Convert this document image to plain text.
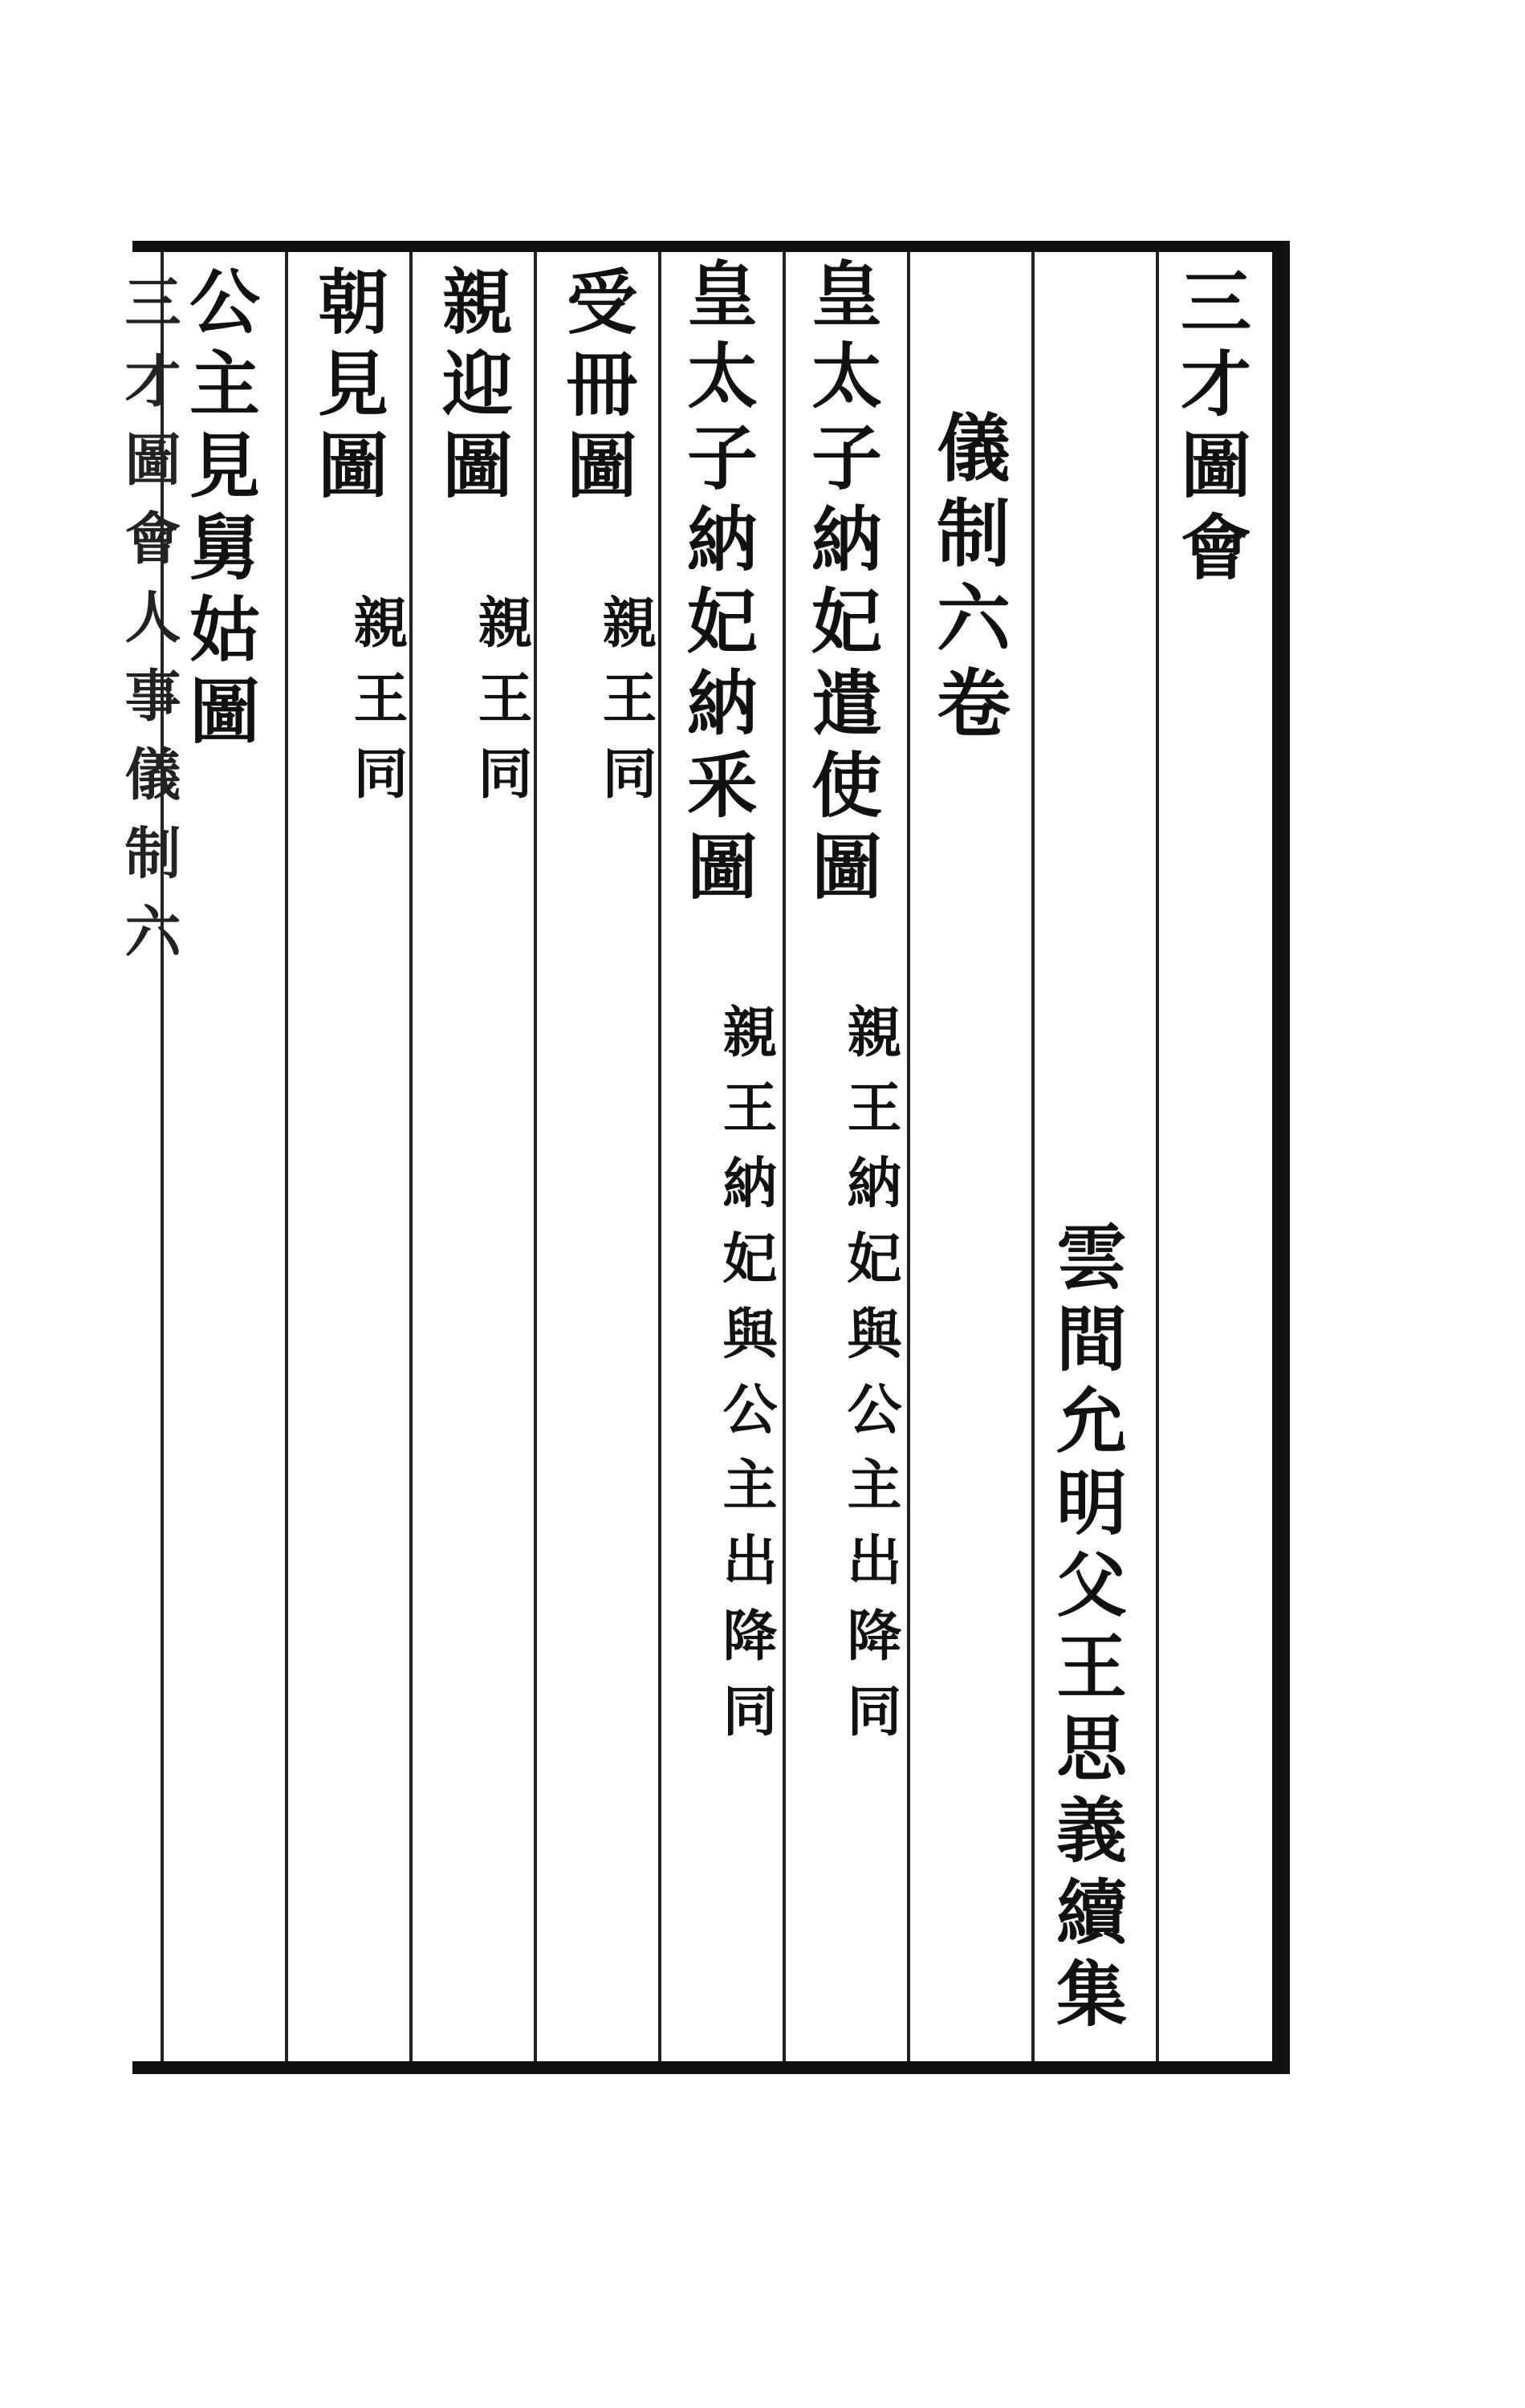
三才圖會
儀制六卷
雲間允明父王思義續集
皇太子納妃遣使圖
親王納妃與公主出降同
皇太子納妃納釆圖
親王納妃與公主出降同
受冊圖
親王同
親迎圖
親王同
朝見圖
親王同
公主見舅姑圖
三才圖會人事儀制六
